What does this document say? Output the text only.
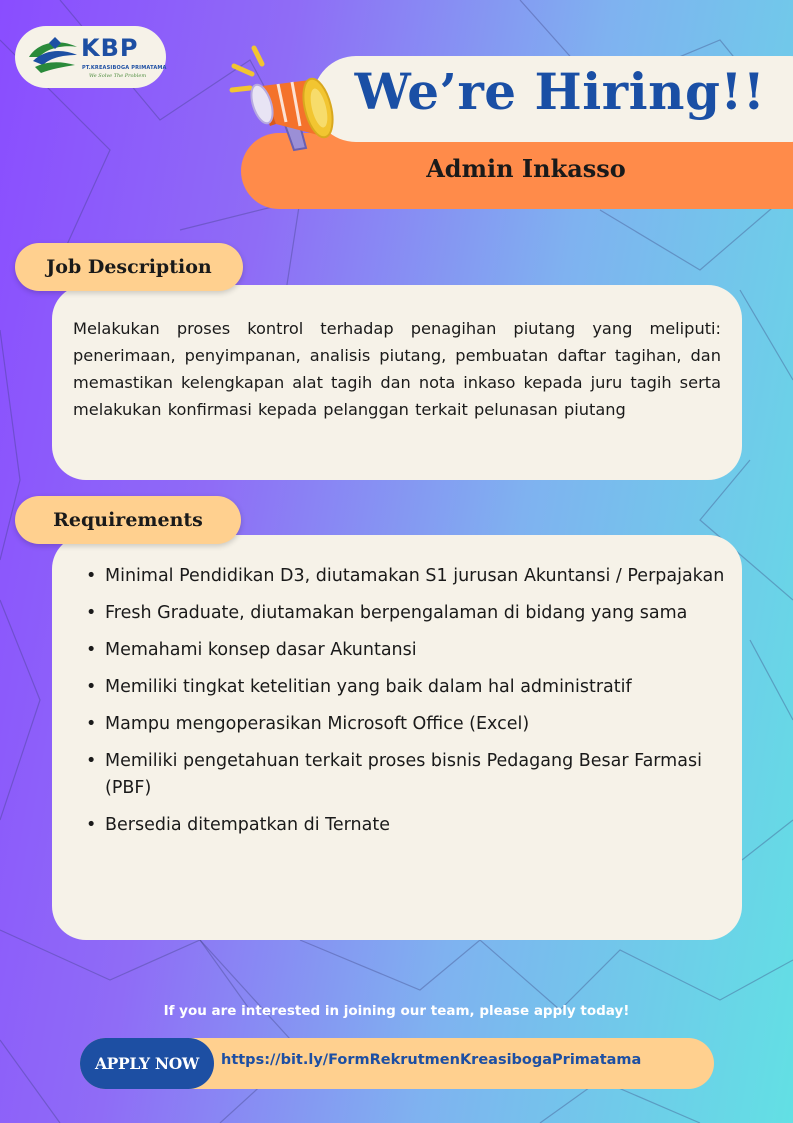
KBP
PT.KREASIBOGA PRIMATAMA
We Solve The Problem
Admin Inkasso
We’re Hiring!!
Melakukan proses kontrol terhadap penagihan piutang yang meliputi: penerimaan, penyimpanan, analisis piutang, pembuatan daftar tagihan, dan memastikan kelengkapan alat tagih dan nota inkaso kepada juru tagih serta melakukan konfirmasi kepada pelanggan terkait pelunasan piutang
Job Description
• Minimal Pendidikan D3, diutamakan S1 jurusan Akuntansi / Perpajakan
• Fresh Graduate, diutamakan berpengalaman di bidang yang sama
• Memahami konsep dasar Akuntansi
• Memiliki tingkat ketelitian yang baik dalam hal administratif
• Mampu mengoperasikan Microsoft Office (Excel)
• Memiliki pengetahuan terkait proses bisnis Pedagang Besar Farmasi (PBF)
• Bersedia ditempatkan di Ternate
Requirements
If you are interested in joining our team, please apply today!
APPLY NOW	https://bit.ly/FormRekrutmenKreasibogaPrimatama
